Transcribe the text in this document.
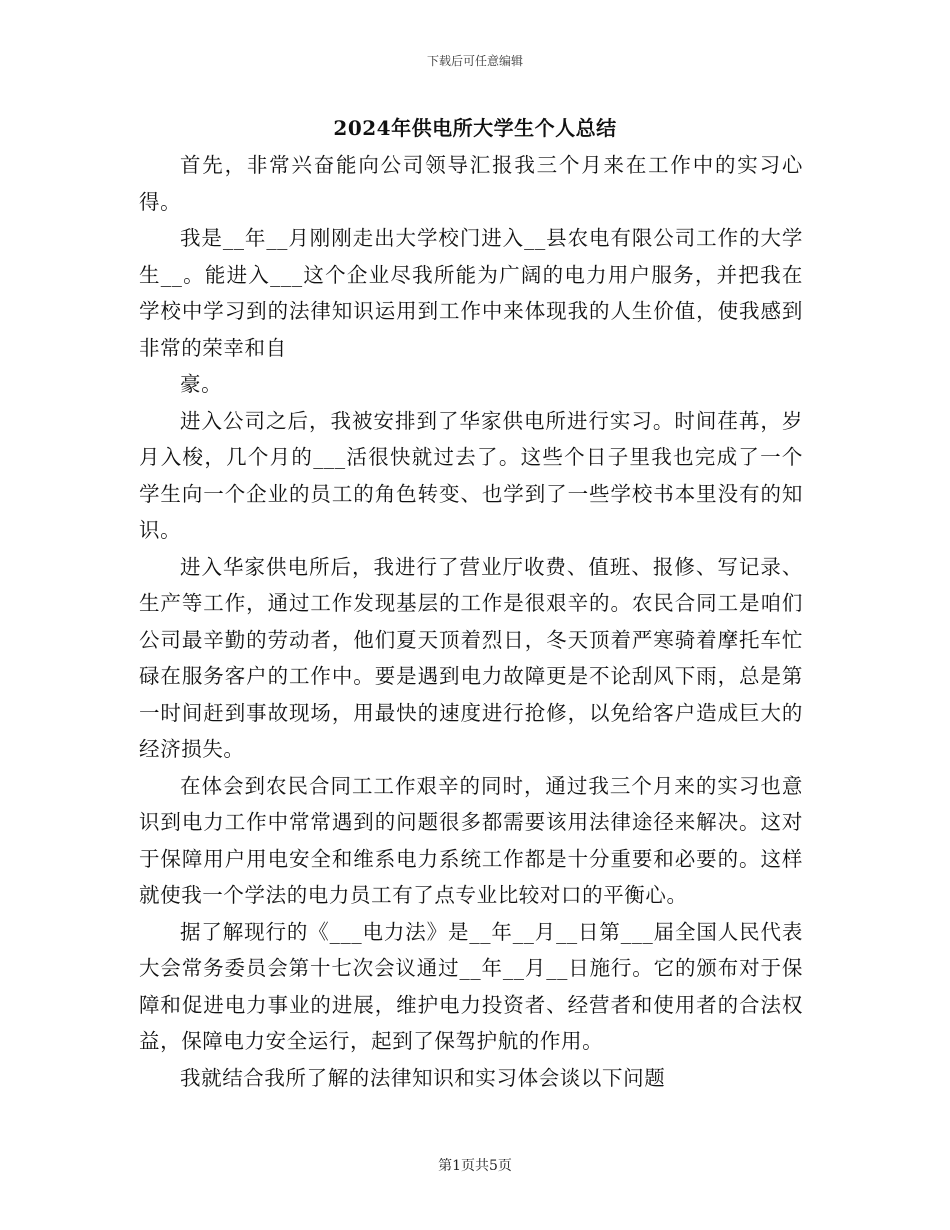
下载后可任意编辑
2024年供电所大学生个人总结

首先，非常兴奋能向公司领导汇报我三个月来在工作中的实习心得。

我是__年__月刚刚走出大学校门进入__县农电有限公司工作的大学生__。能进入___这个企业尽我所能为广阔的电力用户服务，并把我在学校中学习到的法律知识运用到工作中来体现我的人生价值，使我感到非常的荣幸和自

豪。

进入公司之后，我被安排到了华家供电所进行实习。时间荏苒，岁月入梭，几个月的___活很快就过去了。这些个日子里我也完成了一个学生向一个企业的员工的角色转变、也学到了一些学校书本里没有的知识。

进入华家供电所后，我进行了营业厅收费、值班、报修、写记录、生产等工作，通过工作发现基层的工作是很艰辛的。农民合同工是咱们公司最辛勤的劳动者，他们夏天顶着烈日，冬天顶着严寒骑着摩托车忙碌在服务客户的工作中。要是遇到电力故障更是不论刮风下雨，总是第一时间赶到事故现场，用最快的速度进行抢修，以免给客户造成巨大的经济损失。

在体会到农民合同工工作艰辛的同时，通过我三个月来的实习也意识到电力工作中常常遇到的问题很多都需要该用法律途径来解决。这对于保障用户用电安全和维系电力系统工作都是十分重要和必要的。这样就使我一个学法的电力员工有了点专业比较对口的平衡心。

据了解现行的《___电力法》是__年__月__日第___届全国人民代表大会常务委员会第十七次会议通过__年__月__日施行。它的颁布对于保障和促进电力事业的进展，维护电力投资者、经营者和使用者的合法权益，保障电力安全运行，起到了保驾护航的作用。

我就结合我所了解的法律知识和实习体会谈以下问题

第1页共5页
